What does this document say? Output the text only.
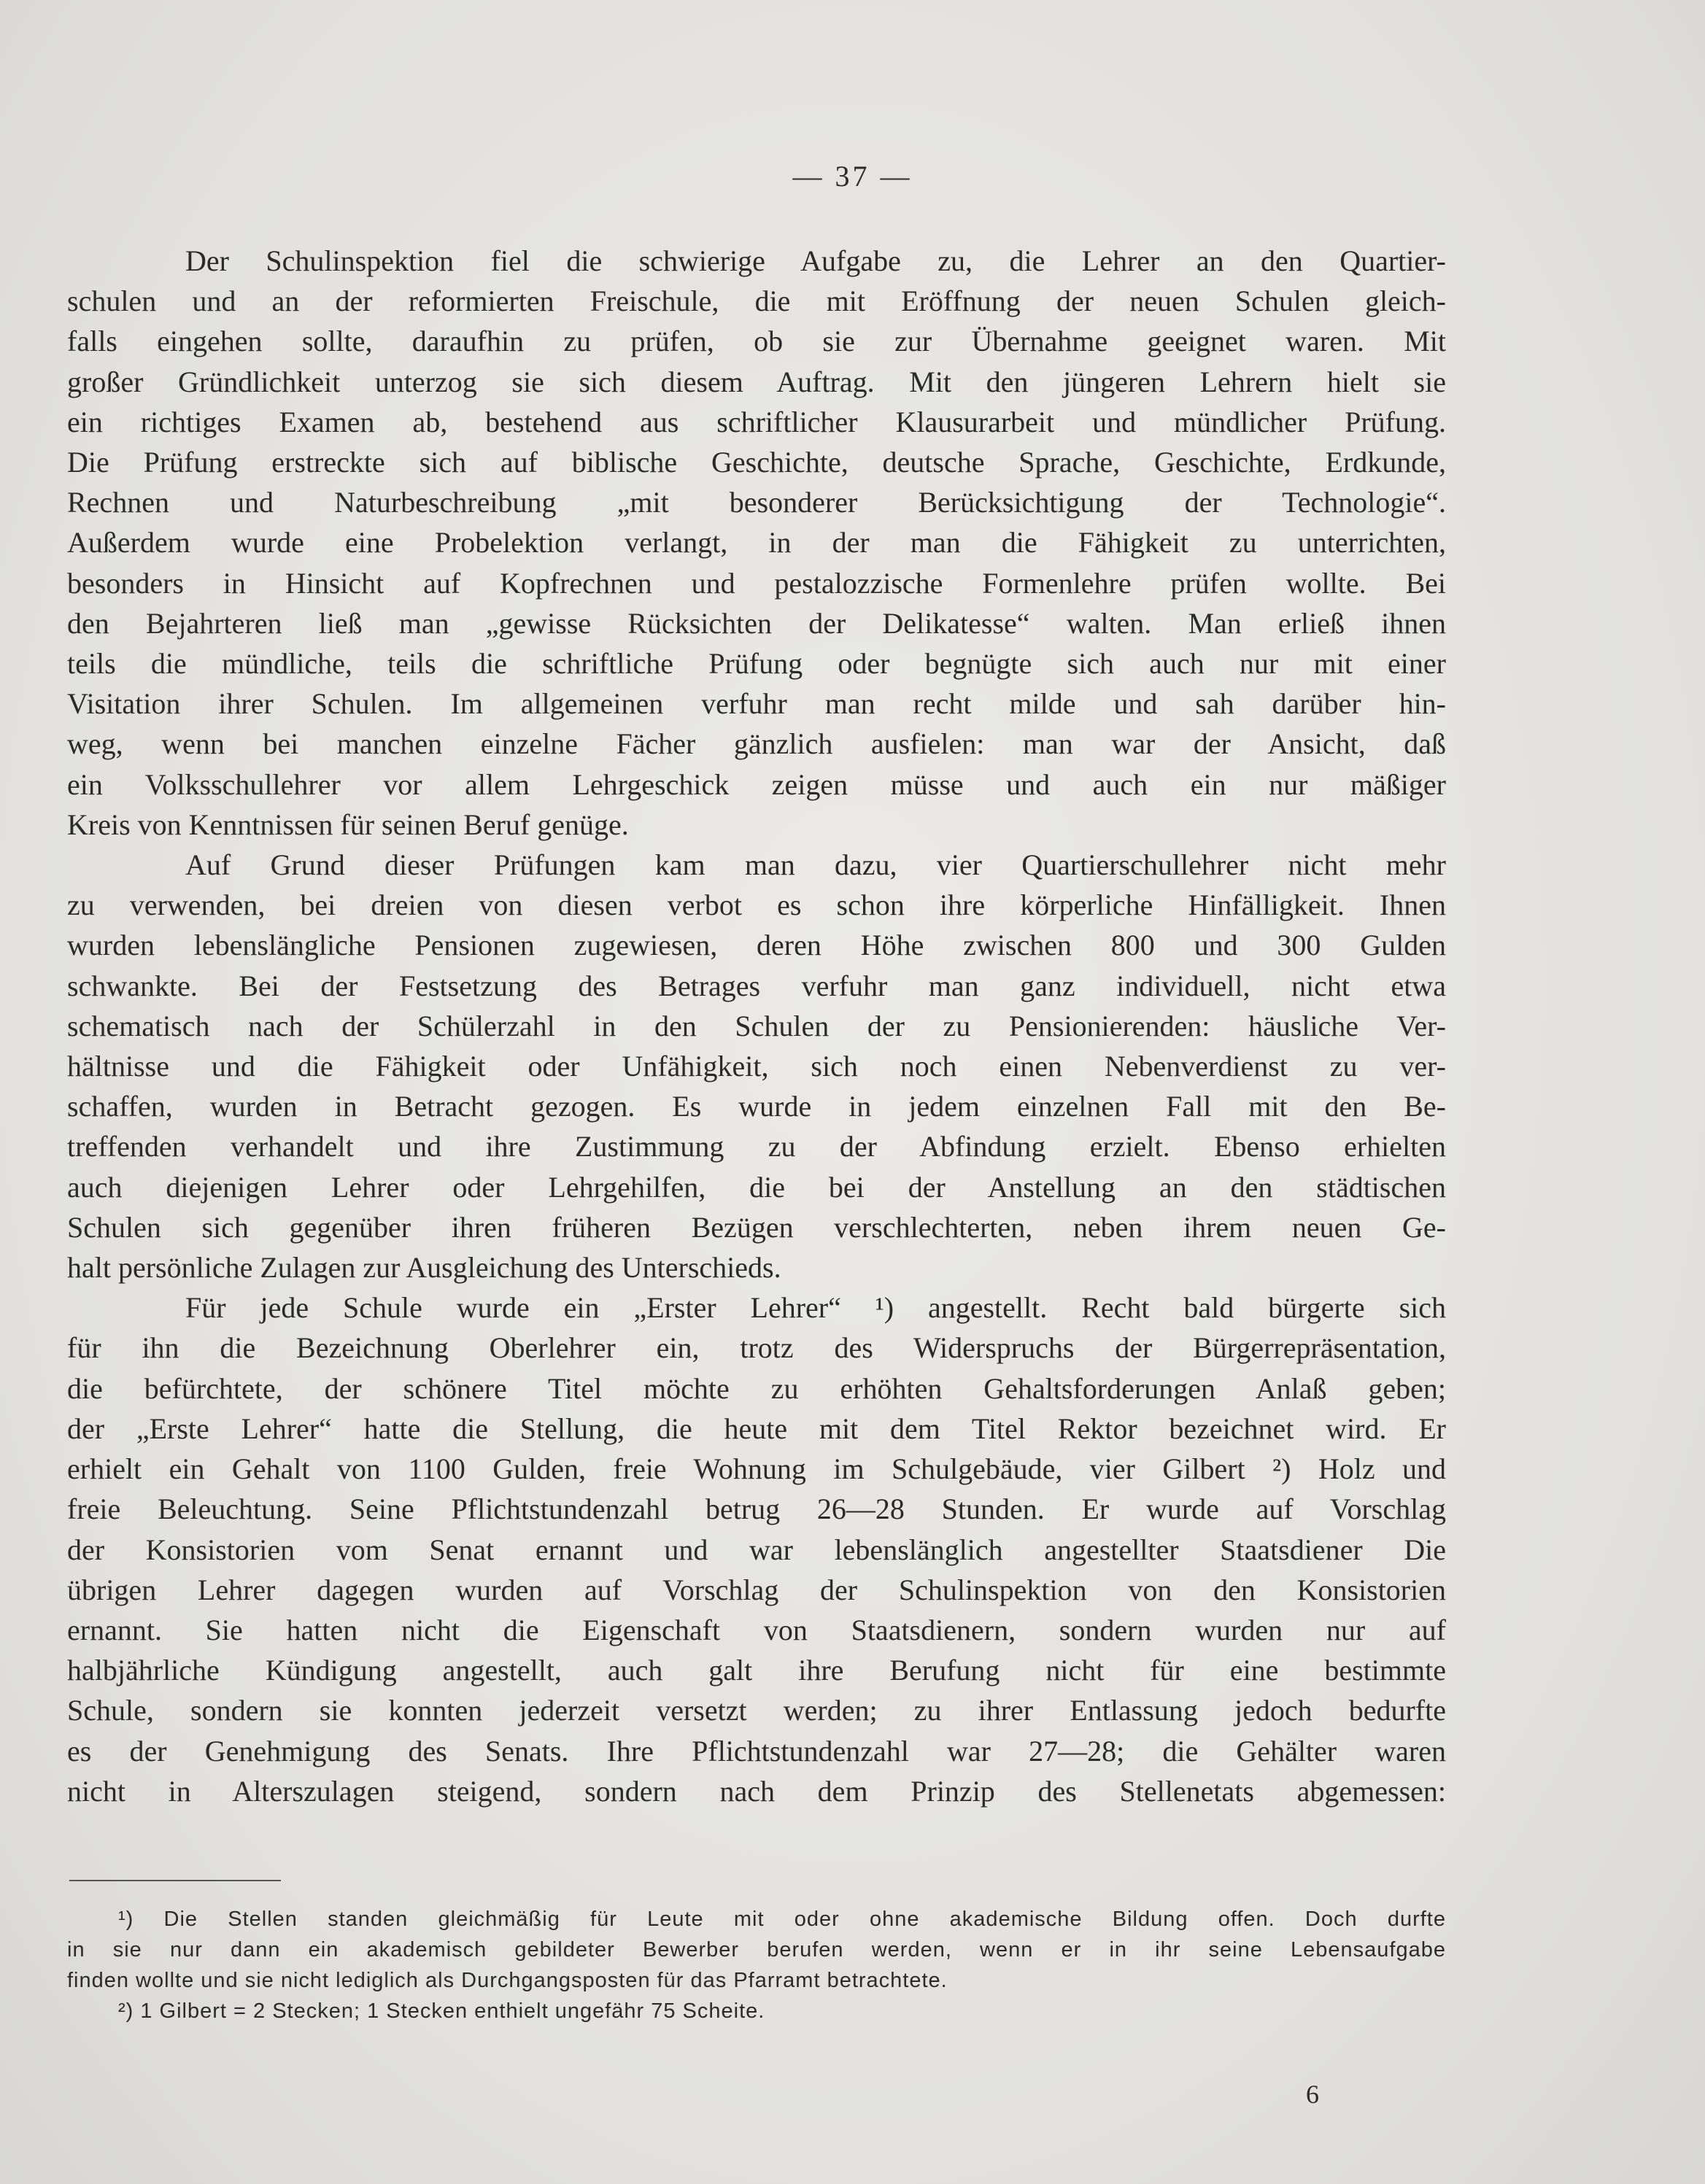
— 37 —

Der Schulinspektion fiel die schwierige Aufgabe zu, die Lehrer an den Quartier-
schulen und an der reformierten Freischule, die mit Eröffnung der neuen Schulen gleich-
falls eingehen sollte, daraufhin zu prüfen, ob sie zur Übernahme geeignet waren. Mit
großer Gründlichkeit unterzog sie sich diesem Auftrag. Mit den jüngeren Lehrern hielt sie
ein richtiges Examen ab, bestehend aus schriftlicher Klausurarbeit und mündlicher Prüfung.
Die Prüfung erstreckte sich auf biblische Geschichte, deutsche Sprache, Geschichte, Erdkunde,
Rechnen und Naturbeschreibung „mit besonderer Berücksichtigung der Technologie“.
Außerdem wurde eine Probelektion verlangt, in der man die Fähigkeit zu unterrichten,
besonders in Hinsicht auf Kopfrechnen und pestalozzische Formenlehre prüfen wollte. Bei
den Bejahrteren ließ man „gewisse Rücksichten der Delikatesse“ walten. Man erließ ihnen
teils die mündliche, teils die schriftliche Prüfung oder begnügte sich auch nur mit einer
Visitation ihrer Schulen. Im allgemeinen verfuhr man recht milde und sah darüber hin-
weg, wenn bei manchen einzelne Fächer gänzlich ausfielen: man war der Ansicht, daß
ein Volksschullehrer vor allem Lehrgeschick zeigen müsse und auch ein nur mäßiger
Kreis von Kenntnissen für seinen Beruf genüge.

Auf Grund dieser Prüfungen kam man dazu, vier Quartierschullehrer nicht mehr
zu verwenden, bei dreien von diesen verbot es schon ihre körperliche Hinfälligkeit. Ihnen
wurden lebenslängliche Pensionen zugewiesen, deren Höhe zwischen 800 und 300 Gulden
schwankte. Bei der Festsetzung des Betrages verfuhr man ganz individuell, nicht etwa
schematisch nach der Schülerzahl in den Schulen der zu Pensionierenden: häusliche Ver-
hältnisse und die Fähigkeit oder Unfähigkeit, sich noch einen Nebenverdienst zu ver-
schaffen, wurden in Betracht gezogen. Es wurde in jedem einzelnen Fall mit den Be-
treffenden verhandelt und ihre Zustimmung zu der Abfindung erzielt. Ebenso erhielten
auch diejenigen Lehrer oder Lehrgehilfen, die bei der Anstellung an den städtischen
Schulen sich gegenüber ihren früheren Bezügen verschlechterten, neben ihrem neuen Ge-
halt persönliche Zulagen zur Ausgleichung des Unterschieds.

Für jede Schule wurde ein „Erster Lehrer“ ¹) angestellt. Recht bald bürgerte sich
für ihn die Bezeichnung Oberlehrer ein, trotz des Widerspruchs der Bürgerrepräsentation,
die befürchtete, der schönere Titel möchte zu erhöhten Gehaltsforderungen Anlaß geben;
der „Erste Lehrer“ hatte die Stellung, die heute mit dem Titel Rektor bezeichnet wird. Er
erhielt ein Gehalt von 1100 Gulden, freie Wohnung im Schulgebäude, vier Gilbert ²) Holz und
freie Beleuchtung. Seine Pflichtstundenzahl betrug 26—28 Stunden. Er wurde auf Vorschlag
der Konsistorien vom Senat ernannt und war lebenslänglich angestellter Staatsdiener Die
übrigen Lehrer dagegen wurden auf Vorschlag der Schulinspektion von den Konsistorien
ernannt. Sie hatten nicht die Eigenschaft von Staatsdienern, sondern wurden nur auf
halbjährliche Kündigung angestellt, auch galt ihre Berufung nicht für eine bestimmte
Schule, sondern sie konnten jederzeit versetzt werden; zu ihrer Entlassung jedoch bedurfte
es der Genehmigung des Senats. Ihre Pflichtstundenzahl war 27—28; die Gehälter waren
nicht in Alterszulagen steigend, sondern nach dem Prinzip des Stellenetats abgemessen:

¹) Die Stellen standen gleichmäßig für Leute mit oder ohne akademische Bildung offen. Doch durfte
in sie nur dann ein akademisch gebildeter Bewerber berufen werden, wenn er in ihr seine Lebensaufgabe
finden wollte und sie nicht lediglich als Durchgangsposten für das Pfarramt betrachtete.
²) 1 Gilbert = 2 Stecken; 1 Stecken enthielt ungefähr 75 Scheite.
6
